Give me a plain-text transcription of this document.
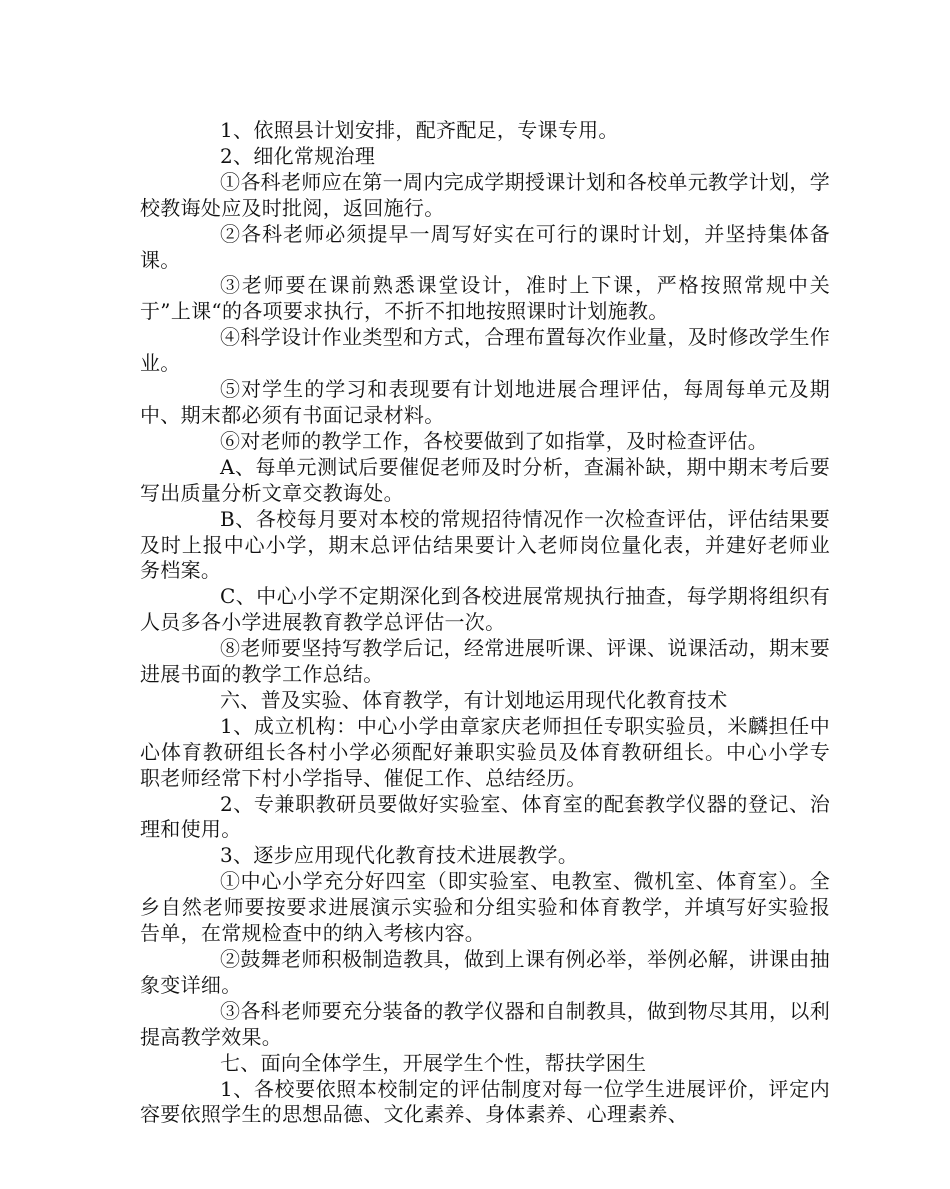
1、依照县计划安排，配齐配足，专课专用。

2、细化常规治理

①各科老师应在第一周内完成学期授课计划和各校单元教学计划，学校教诲处应及时批阅，返回施行。

②各科老师必须提早一周写好实在可行的课时计划，并坚持集体备课。

③老师要在课前熟悉课堂设计，准时上下课，严格按照常规中关于”上课“的各项要求执行，不折不扣地按照课时计划施教。

④科学设计作业类型和方式，合理布置每次作业量，及时修改学生作业。

⑤对学生的学习和表现要有计划地进展合理评估，每周每单元及期中、期末都必须有书面记录材料。

⑥对老师的教学工作，各校要做到了如指掌，及时检查评估。

A、每单元测试后要催促老师及时分析，查漏补缺，期中期末考后要写出质量分析文章交教诲处。

B、各校每月要对本校的常规招待情况作一次检查评估，评估结果要及时上报中心小学，期末总评估结果要计入老师岗位量化表，并建好老师业务档案。

C、中心小学不定期深化到各校进展常规执行抽查，每学期将组织有人员多各小学进展教育教学总评估一次。

⑧老师要坚持写教学后记，经常进展听课、评课、说课活动，期末要进展书面的教学工作总结。

六、普及实验、体育教学，有计划地运用现代化教育技术

1、成立机构：中心小学由章家庆老师担任专职实验员，米麟担任中心体育教研组长各村小学必须配好兼职实验员及体育教研组长。中心小学专职老师经常下村小学指导、催促工作、总结经历。

2、专兼职教研员要做好实验室、体育室的配套教学仪器的登记、治理和使用。

3、逐步应用现代化教育技术进展教学。

①中心小学充分好四室（即实验室、电教室、微机室、体育室）。全乡自然老师要按要求进展演示实验和分组实验和体育教学，并填写好实验报告单，在常规检查中的纳入考核内容。

②鼓舞老师积极制造教具，做到上课有例必举，举例必解，讲课由抽象变详细。

③各科老师要充分装备的教学仪器和自制教具，做到物尽其用，以利提高教学效果。

七、面向全体学生，开展学生个性，帮扶学困生

1、各校要依照本校制定的评估制度对每一位学生进展评价，评定内容要依照学生的思想品德、文化素养、身体素养、心理素养、
